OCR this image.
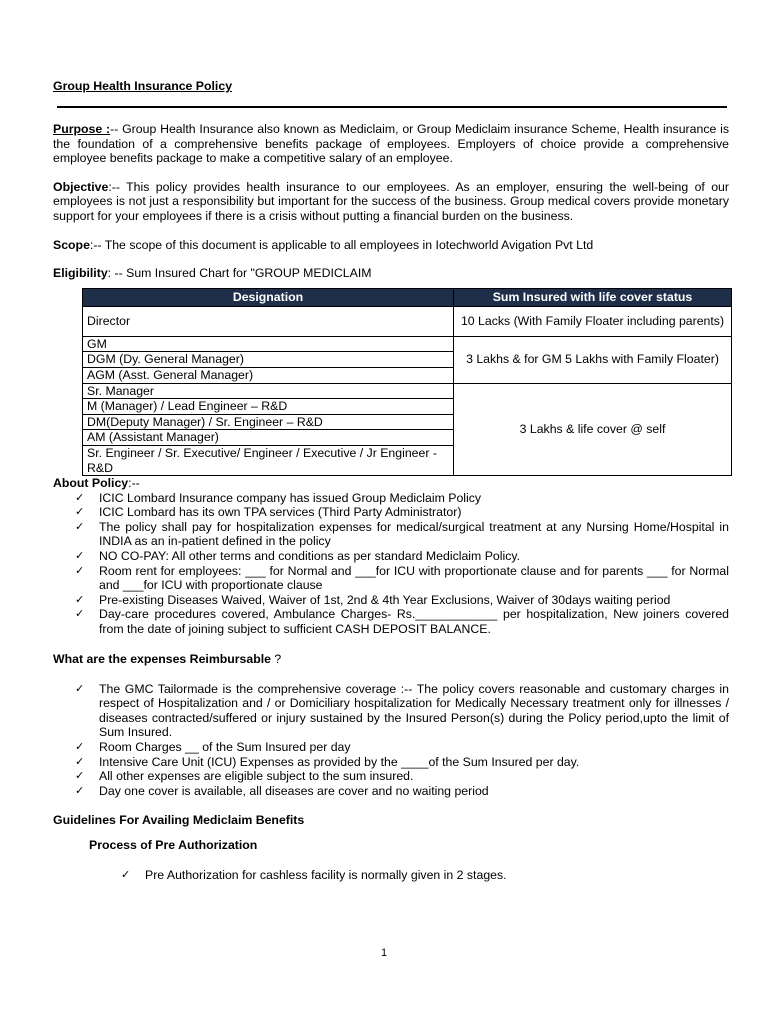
Group Health Insurance Policy

Purpose :-- Group Health Insurance also known as Mediclaim, or Group Mediclaim insurance Scheme, Health insurance is the foundation of a comprehensive benefits package of employees. Employers of choice provide a comprehensive employee benefits package to make a competitive salary of an employee.

Objective:-- This policy provides health insurance to our employees. As an employer, ensuring the well-being of our employees is not just a responsibility but important for the success of the business. Group medical covers provide monetary support for your employees if there is a crisis without putting a financial burden on the business.

Scope:-- The scope of this document is applicable to all employees in Iotechworld Avigation Pvt Ltd

Eligibility: -- Sum Insured Chart for "GROUP MEDICLAIM

Designation	Sum Insured with life cover status
Director	10 Lacks (With Family Floater including parents)
GM	3 Lakhs & for GM 5 Lakhs with Family Floater)
DGM (Dy. General Manager)	
AGM (Asst. General Manager)	
Sr. Manager	3 Lakhs & life cover @ self
M (Manager) / Lead Engineer – R&D	
DM(Deputy Manager) / Sr. Engineer – R&D	
AM (Assistant Manager)	
Sr. Engineer / Sr. Executive/ Engineer / Executive / Jr Engineer - R&D	

About Policy:--

✓ ICIC Lombard Insurance company has issued Group Mediclaim Policy
✓ ICIC Lombard has its own TPA services (Third Party Administrator)
✓ The policy shall pay for hospitalization expenses for medical/surgical treatment at any Nursing Home/Hospital in INDIA as an in-patient defined in the policy
✓ NO CO-PAY: All other terms and conditions as per standard Mediclaim Policy.
✓ Room rent for employees: ___ for Normal and ___for ICU with proportionate clause and for parents ___ for Normal and ___for ICU with proportionate clause
✓ Pre-existing Diseases Waived, Waiver of 1st, 2nd & 4th Year Exclusions, Waiver of 30days waiting period
✓ Day-care procedures covered, Ambulance Charges- Rs.____________ per hospitalization, New joiners covered from the date of joining subject to sufficient CASH DEPOSIT BALANCE.

What are the expenses Reimbursable ?

✓ The GMC Tailormade is the comprehensive coverage :-- The policy covers reasonable and customary charges in respect of Hospitalization and / or Domiciliary hospitalization for Medically Necessary treatment only for illnesses / diseases contracted/suffered or injury sustained by the Insured Person(s) during the Policy period,upto the limit of Sum Insured.
✓ Room Charges __ of the Sum Insured per day
✓ Intensive Care Unit (ICU) Expenses as provided by the ____of the Sum Insured per day.
✓ All other expenses are eligible subject to the sum insured.
✓ Day one cover is available, all diseases are cover and no waiting period

Guidelines For Availing Mediclaim Benefits

Process of Pre Authorization

✓ Pre Authorization for cashless facility is normally given in 2 stages.
1
